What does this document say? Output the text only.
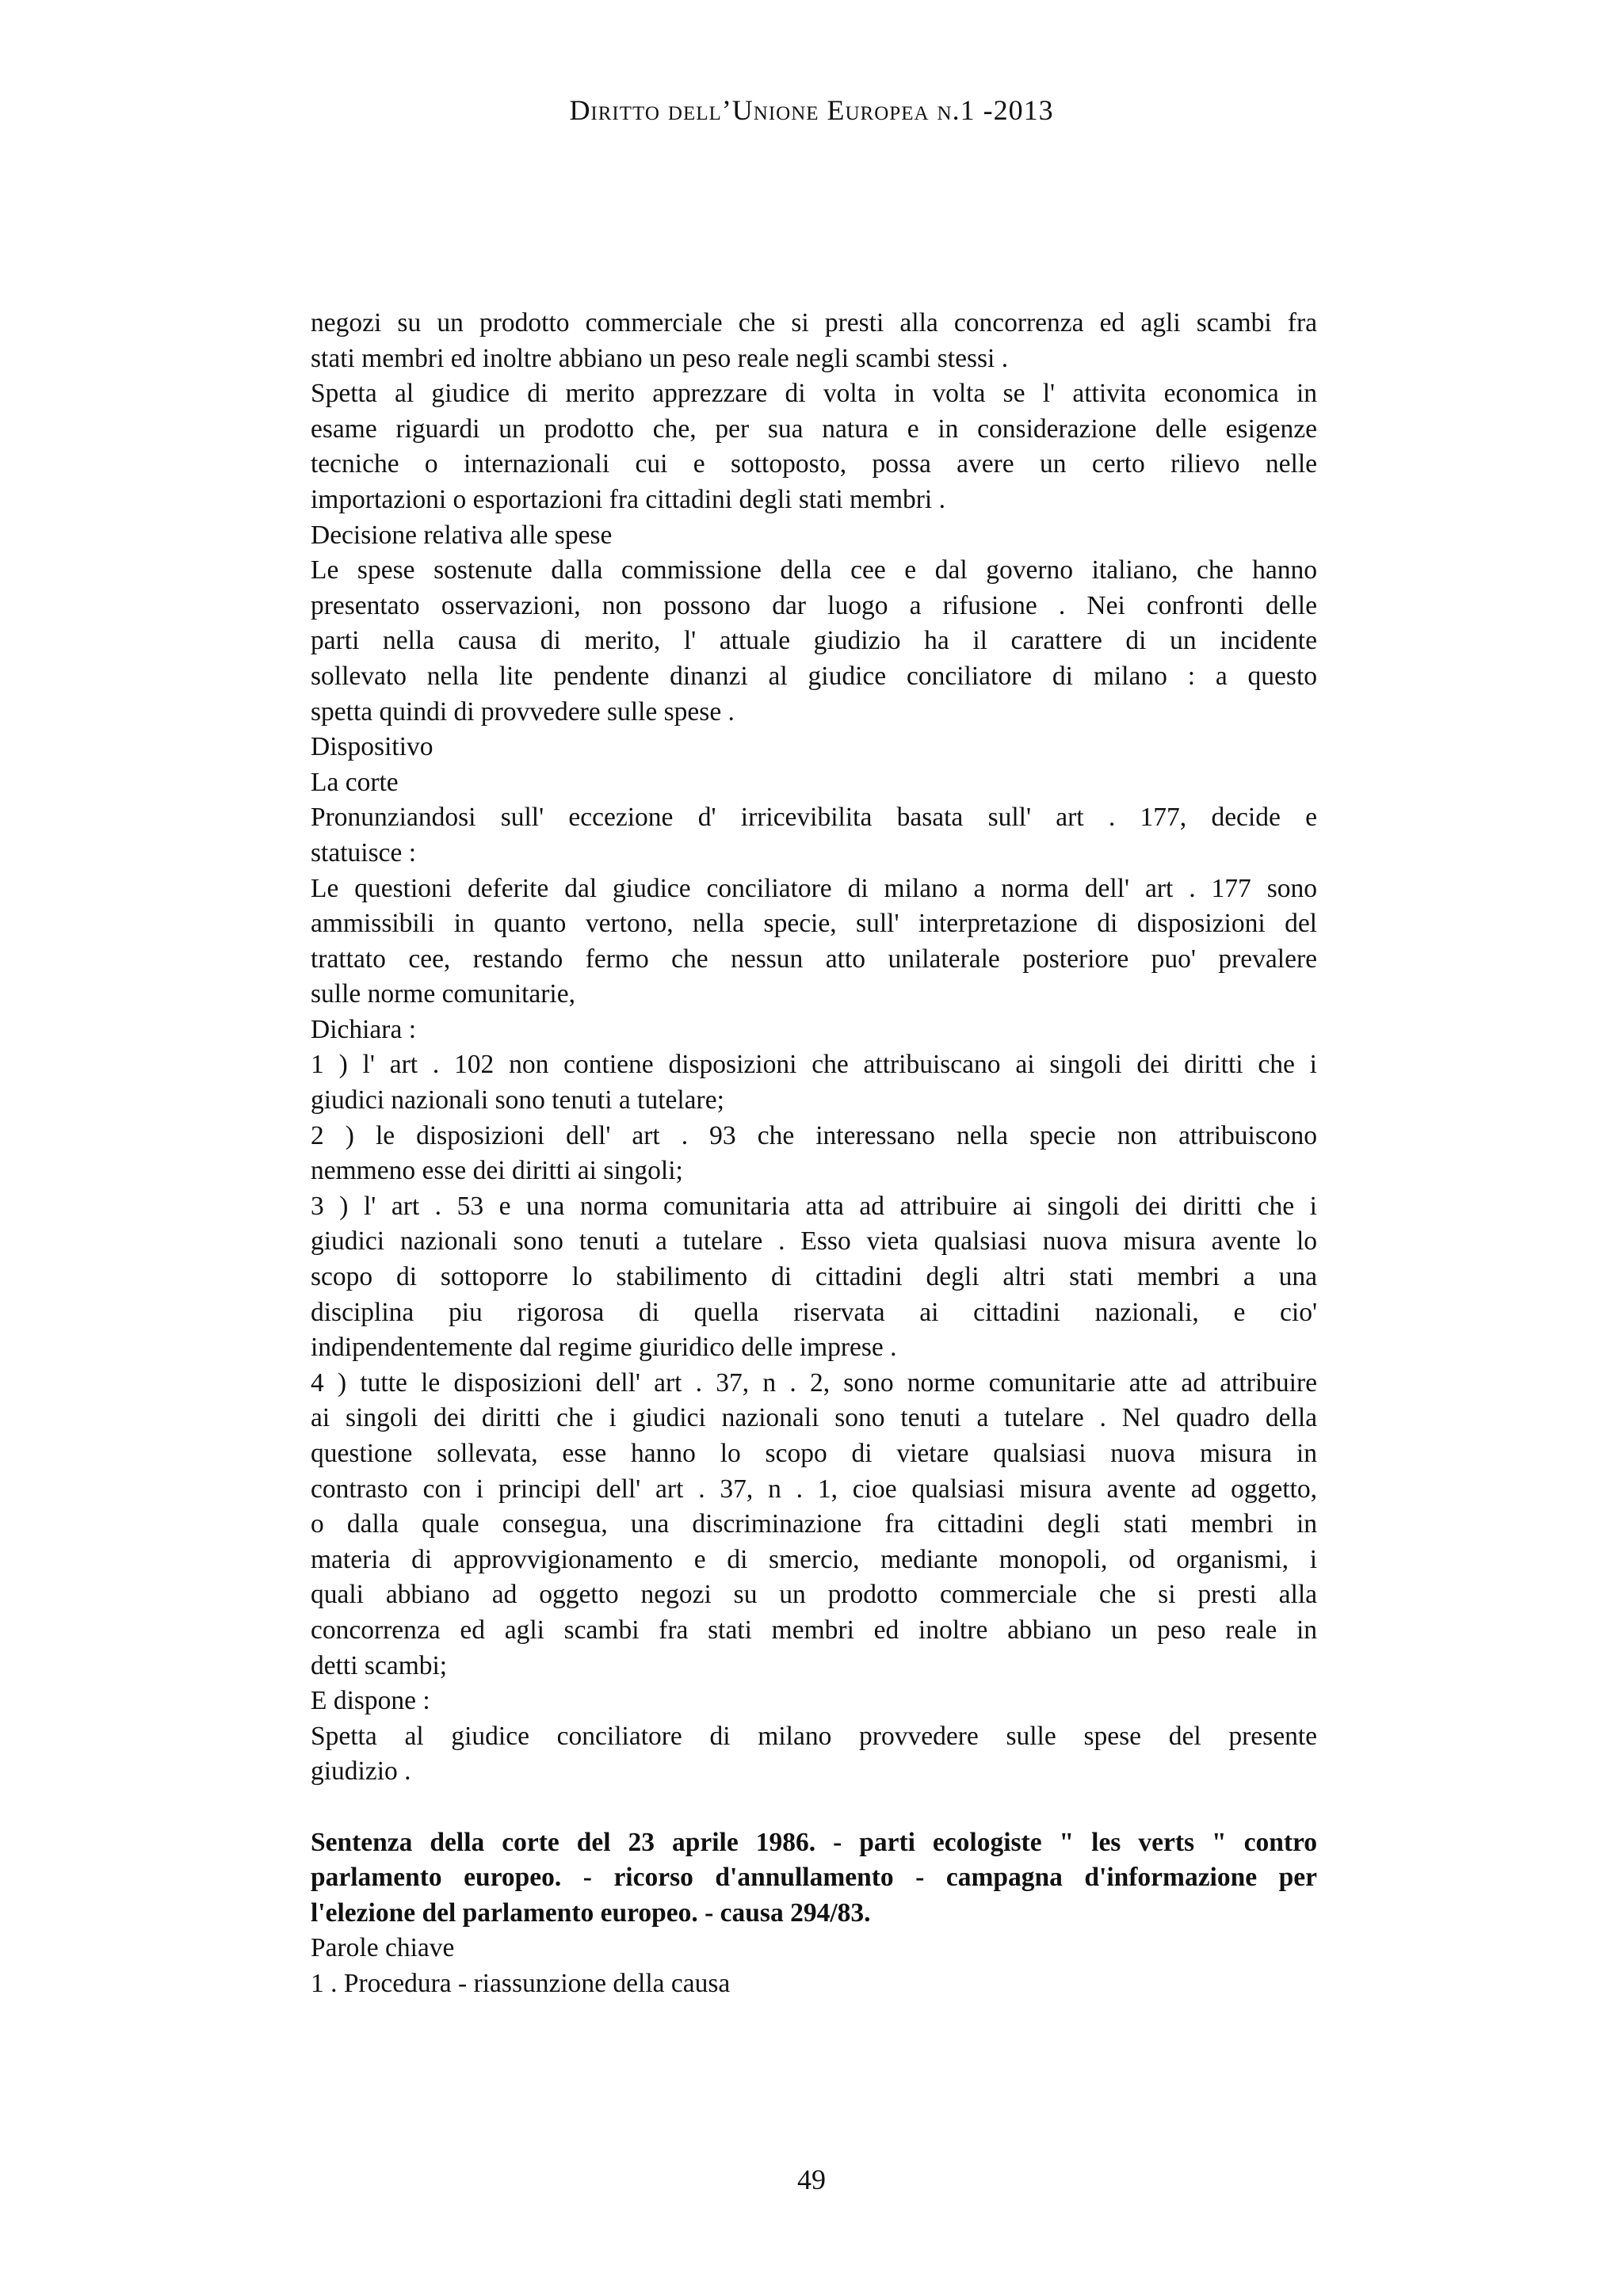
Diritto dell’Unione Europea n.1 -2013
negozi su un prodotto commerciale che si presti alla concorrenza ed agli scambi fra
stati membri ed inoltre abbiano un peso reale negli scambi stessi .
Spetta al giudice di merito apprezzare di volta in volta se l' attivita economica in
esame riguardi un prodotto che, per sua natura e in considerazione delle esigenze
tecniche o internazionali cui e sottoposto, possa avere un certo rilievo nelle
importazioni o esportazioni fra cittadini degli stati membri .
Decisione relativa alle spese
Le spese sostenute dalla commissione della cee e dal governo italiano, che hanno
presentato osservazioni, non possono dar luogo a rifusione . Nei confronti delle
parti nella causa di merito, l' attuale giudizio ha il carattere di un incidente
sollevato nella lite pendente dinanzi al giudice conciliatore di milano : a questo
spetta quindi di provvedere sulle spese .
Dispositivo
La corte
Pronunziandosi sull' eccezione d' irricevibilita basata sull' art . 177, decide e
statuisce :
Le questioni deferite dal giudice conciliatore di milano a norma dell' art . 177 sono
ammissibili in quanto vertono, nella specie, sull' interpretazione di disposizioni del
trattato cee, restando fermo che nessun atto unilaterale posteriore puo' prevalere
sulle norme comunitarie,
Dichiara :
1 ) l' art . 102 non contiene disposizioni che attribuiscano ai singoli dei diritti che i
giudici nazionali sono tenuti a tutelare;
2 ) le disposizioni dell' art . 93 che interessano nella specie non attribuiscono
nemmeno esse dei diritti ai singoli;
3 ) l' art . 53 e una norma comunitaria atta ad attribuire ai singoli dei diritti che i
giudici nazionali sono tenuti a tutelare . Esso vieta qualsiasi nuova misura avente lo
scopo di sottoporre lo stabilimento di cittadini degli altri stati membri a una
disciplina piu rigorosa di quella riservata ai cittadini nazionali, e cio'
indipendentemente dal regime giuridico delle imprese .
4 ) tutte le disposizioni dell' art . 37, n . 2, sono norme comunitarie atte ad attribuire
ai singoli dei diritti che i giudici nazionali sono tenuti a tutelare . Nel quadro della
questione sollevata, esse hanno lo scopo di vietare qualsiasi nuova misura in
contrasto con i principi dell' art . 37, n . 1, cioe qualsiasi misura avente ad oggetto,
o dalla quale consegua, una discriminazione fra cittadini degli stati membri in
materia di approvvigionamento e di smercio, mediante monopoli, od organismi, i
quali abbiano ad oggetto negozi su un prodotto commerciale che si presti alla
concorrenza ed agli scambi fra stati membri ed inoltre abbiano un peso reale in
detti scambi;
E dispone :
Spetta al giudice conciliatore di milano provvedere sulle spese del presente
giudizio .
Sentenza della corte del 23 aprile 1986. - parti ecologiste " les verts " contro
parlamento europeo. - ricorso d'annullamento - campagna d'informazione per
l'elezione del parlamento europeo. - causa 294/83.
Parole chiave
1 . Procedura - riassunzione della causa
49
